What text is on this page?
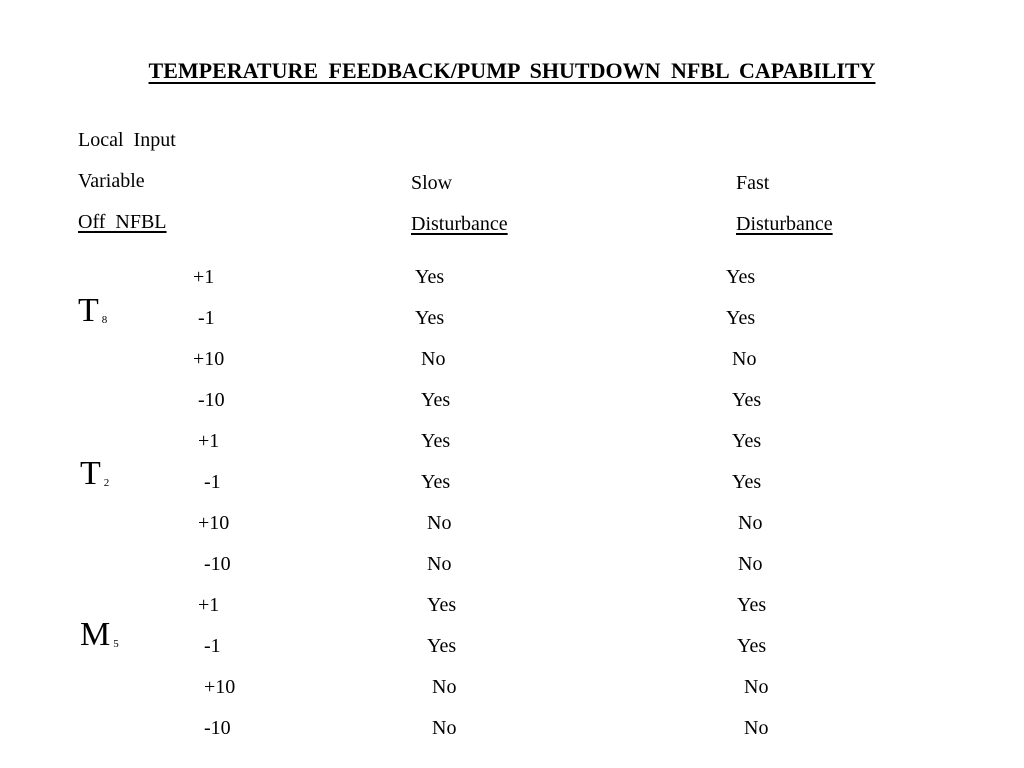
TEMPERATURE FEEDBACK/PUMP SHUTDOWN NFBL CAPABILITY
Local Input
Variable
Off NFBL
Slow
Disturbance
Fast
Disturbance
T $_8$
+1	Yes	Yes
-1	Yes	Yes
+10	No	No
-10	Yes	Yes
T $_2$
+1	Yes	Yes
-1	Yes	Yes
+10	No	No
-10	No	No
M $_5$
+1	Yes	Yes
-1	Yes	Yes
+10	No	No
-10	No	No
